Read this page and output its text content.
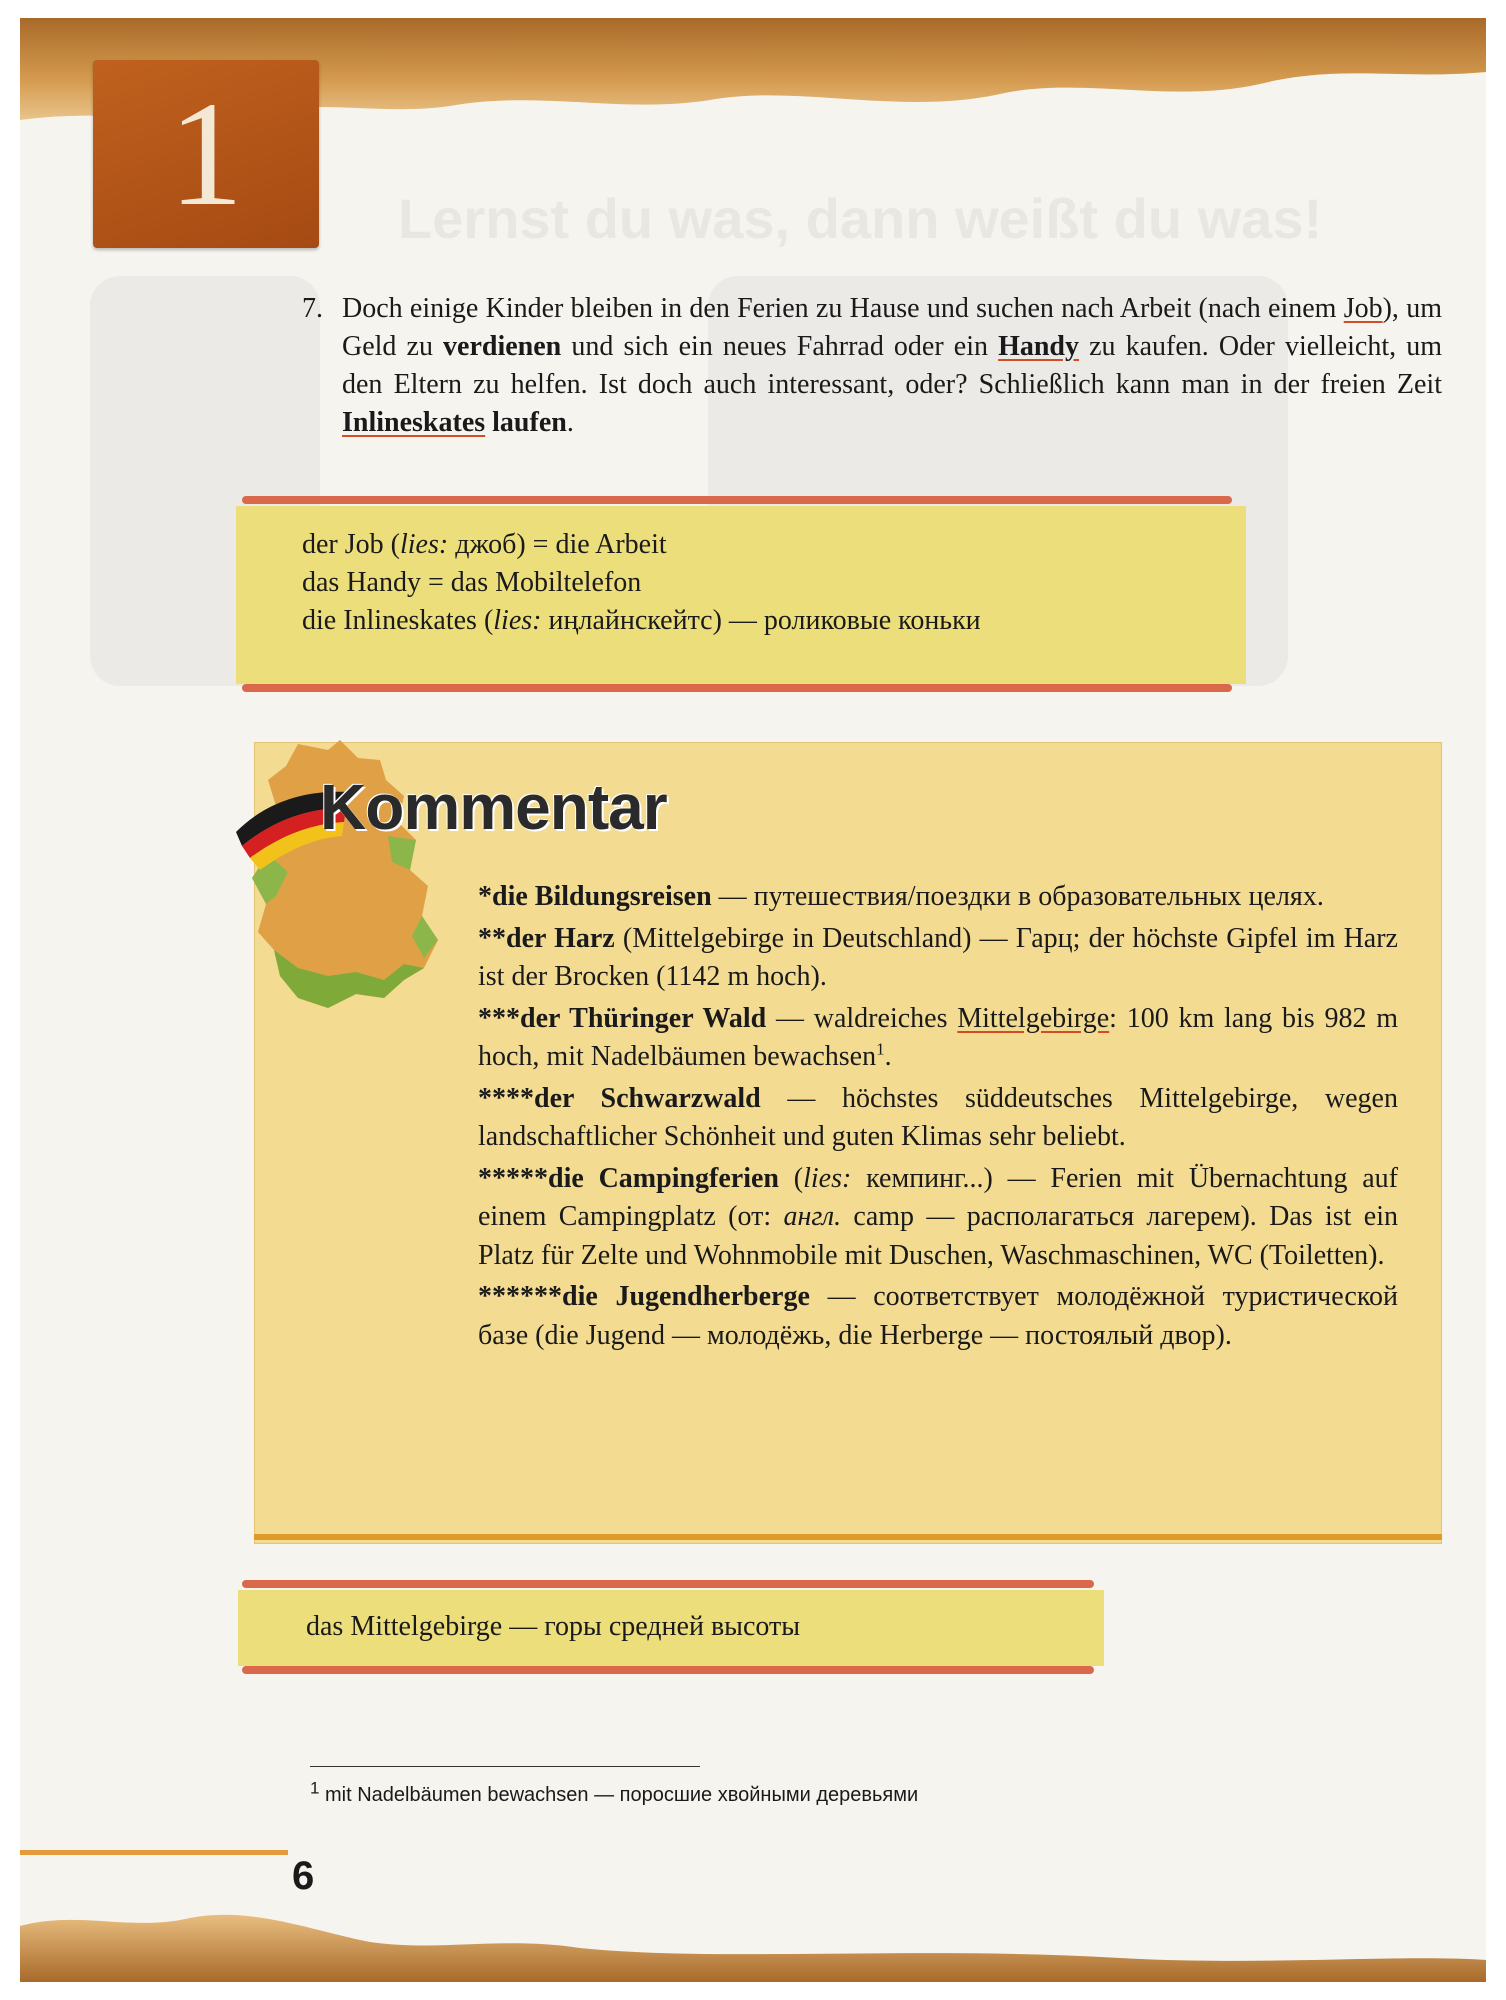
Lernst du was, dann weißt du was!
1
7. Doch einige Kinder bleiben in den Ferien zu Hause und suchen nach Arbeit (nach einem Job), um Geld zu verdienen und sich ein neues Fahrrad oder ein Handy zu kaufen. Oder vielleicht, um den Eltern zu helfen. Ist doch auch interessant, oder? Schließlich kann man in der freien Zeit Inlineskates laufen.
der Job (lies: джоб) = die Arbeit
das Handy = das Mobiltelefon
die Inlineskates (lies: иңлайнскейтс) — роликовые коньки
Kommentar

*die Bildungsreisen — путешествия/поездки в образовательных целях.

**der Harz (Mittelgebirge in Deutschland) — Гарц; der höchste Gipfel im Harz ist der Brocken (1142 m hoch).

***der Thüringer Wald — waldreiches Mittelgebirge: 100 km lang bis 982 m hoch, mit Nadelbäumen bewachsen$^1$.

****der Schwarzwald — höchstes süddeutsches Mittelgebirge, wegen landschaftlicher Schönheit und guten Klimas sehr beliebt.

*****die Campingferien (lies: кемпинг...) — Ferien mit Übernachtung auf einem Campingplatz (от: англ. camp — располагаться лагерем). Das ist ein Platz für Zelte und Wohnmobile mit Duschen, Waschmaschinen, WC (Toiletten).

******die Jugendherberge — соответствует молодёжной туристической базе (die Jugend — молодёжь, die Herberge — постоялый двор).

das Mittelgebirge — горы средней высоты
$^1$ mit Nadelbäumen bewachsen — поросшие хвойными деревьями
6
